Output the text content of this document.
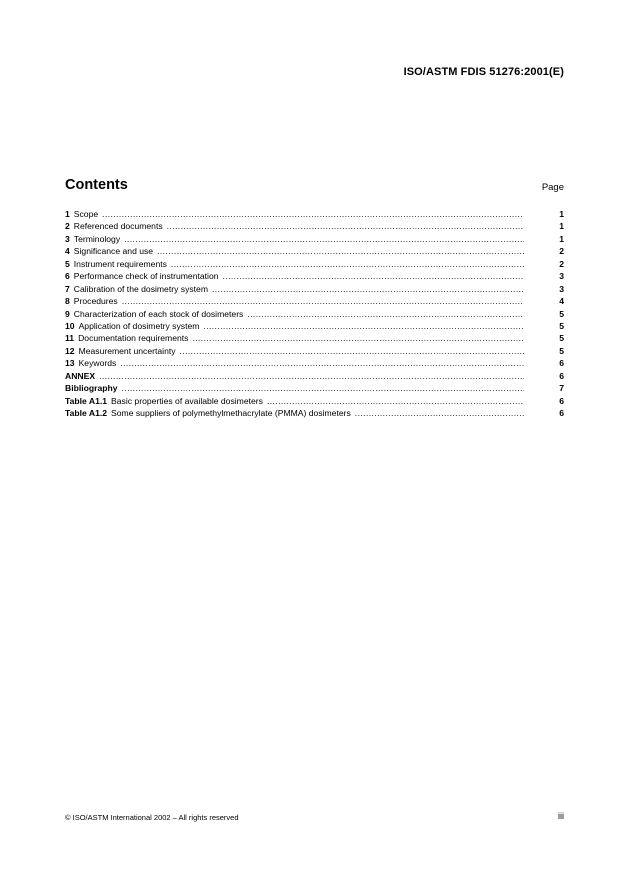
ISO/ASTM FDIS 51276:2001(E)
Contents	Page
1 Scope .....	1
2 Referenced documents .....	1
3 Terminology .....	1
4 Significance and use .....	2
5 Instrument requirements .....	2
6 Performance check of instrumentation .....	3
7 Calibration of the dosimetry system .....	3
8 Procedures .....	4
9 Characterization of each stock of dosimeters .....	5
10 Application of dosimetry system .....	5
11 Documentation requirements .....	5
12 Measurement uncertainty .....	5
13 Keywords .....	6
ANNEX .....	6
Bibliography .....	7
Table A1.1 Basic properties of available dosimeters .....	6
Table A1.2 Some suppliers of polymethylmethacrylate (PMMA) dosimeters .....	6
© ISO/ASTM International 2002 – All rights reserved	iii
